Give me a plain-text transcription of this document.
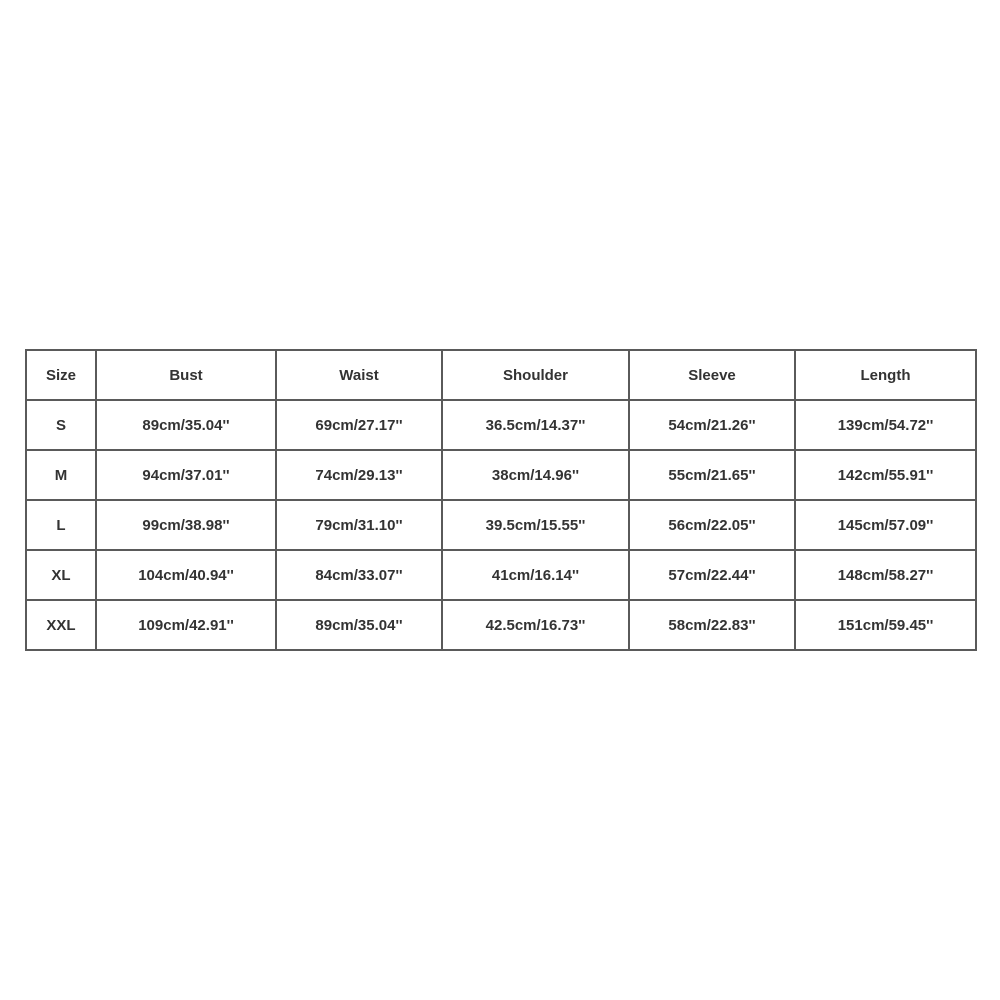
Size	Bust	Waist	Shoulder	Sleeve	Length
S	89cm/35.04''	69cm/27.17''	36.5cm/14.37''	54cm/21.26''	139cm/54.72''
M	94cm/37.01''	74cm/29.13''	38cm/14.96''	55cm/21.65''	142cm/55.91''
L	99cm/38.98''	79cm/31.10''	39.5cm/15.55''	56cm/22.05''	145cm/57.09''
XL	104cm/40.94''	84cm/33.07''	41cm/16.14''	57cm/22.44''	148cm/58.27''
XXL	109cm/42.91''	89cm/35.04''	42.5cm/16.73''	58cm/22.83''	151cm/59.45''
